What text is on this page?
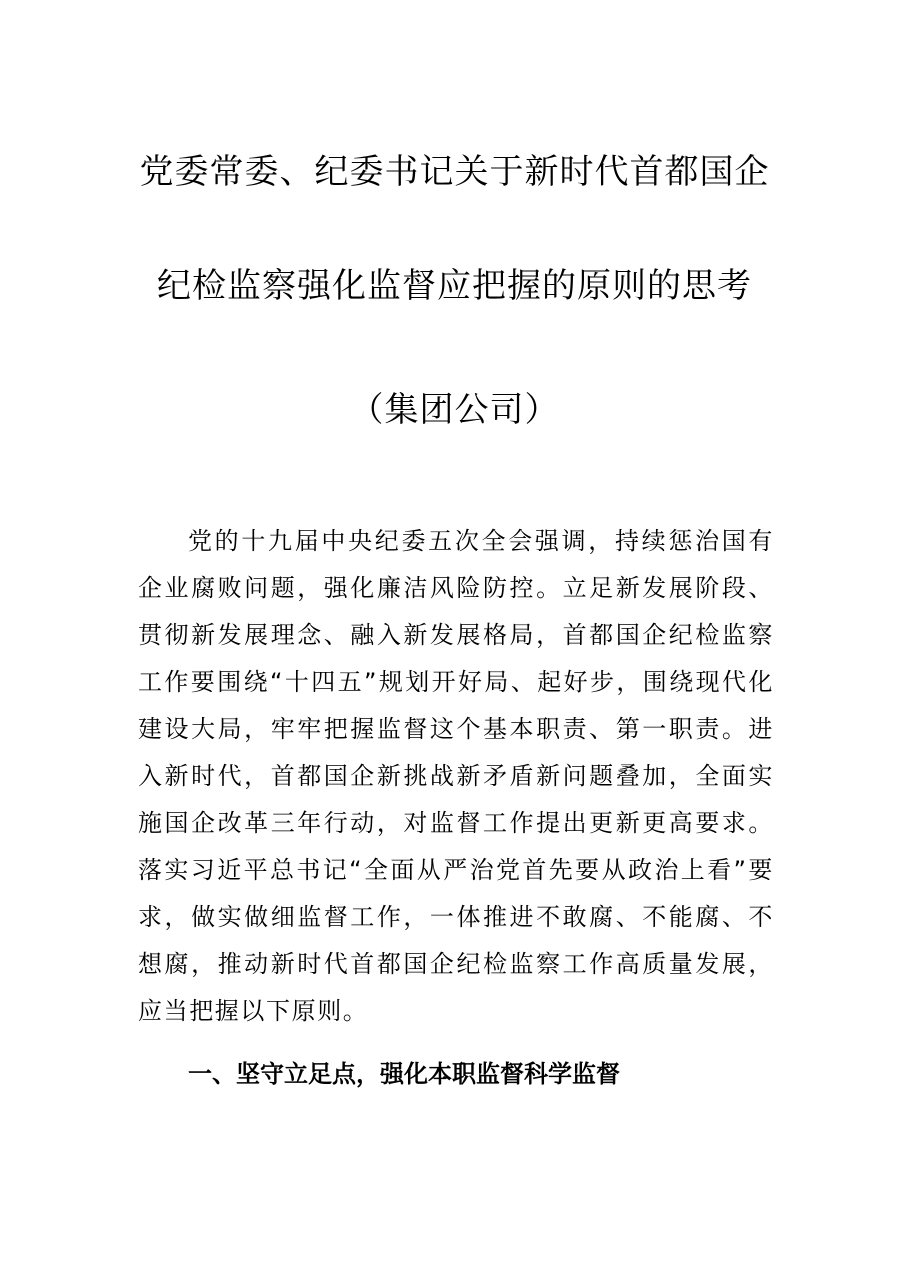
党委常委、纪委书记关于新时代首都国企
纪检监察强化监督应把握的原则的思考
（集团公司）

党的十九届中央纪委五次全会强调，持续惩治国有企业腐败问题，强化廉洁风险防控。立足新发展阶段、贯彻新发展理念、融入新发展格局，首都国企纪检监察工作要围绕“十四五”规划开好局、起好步，围绕现代化建设大局，牢牢把握监督这个基本职责、第一职责。进入新时代，首都国企新挑战新矛盾新问题叠加，全面实施国企改革三年行动，对监督工作提出更新更高要求。落实习近平总书记“全面从严治党首先要从政治上看”要求，做实做细监督工作，一体推进不敢腐、不能腐、不想腐，推动新时代首都国企纪检监察工作高质量发展，应当把握以下原则。

一、坚守立足点，强化本职监督科学监督
